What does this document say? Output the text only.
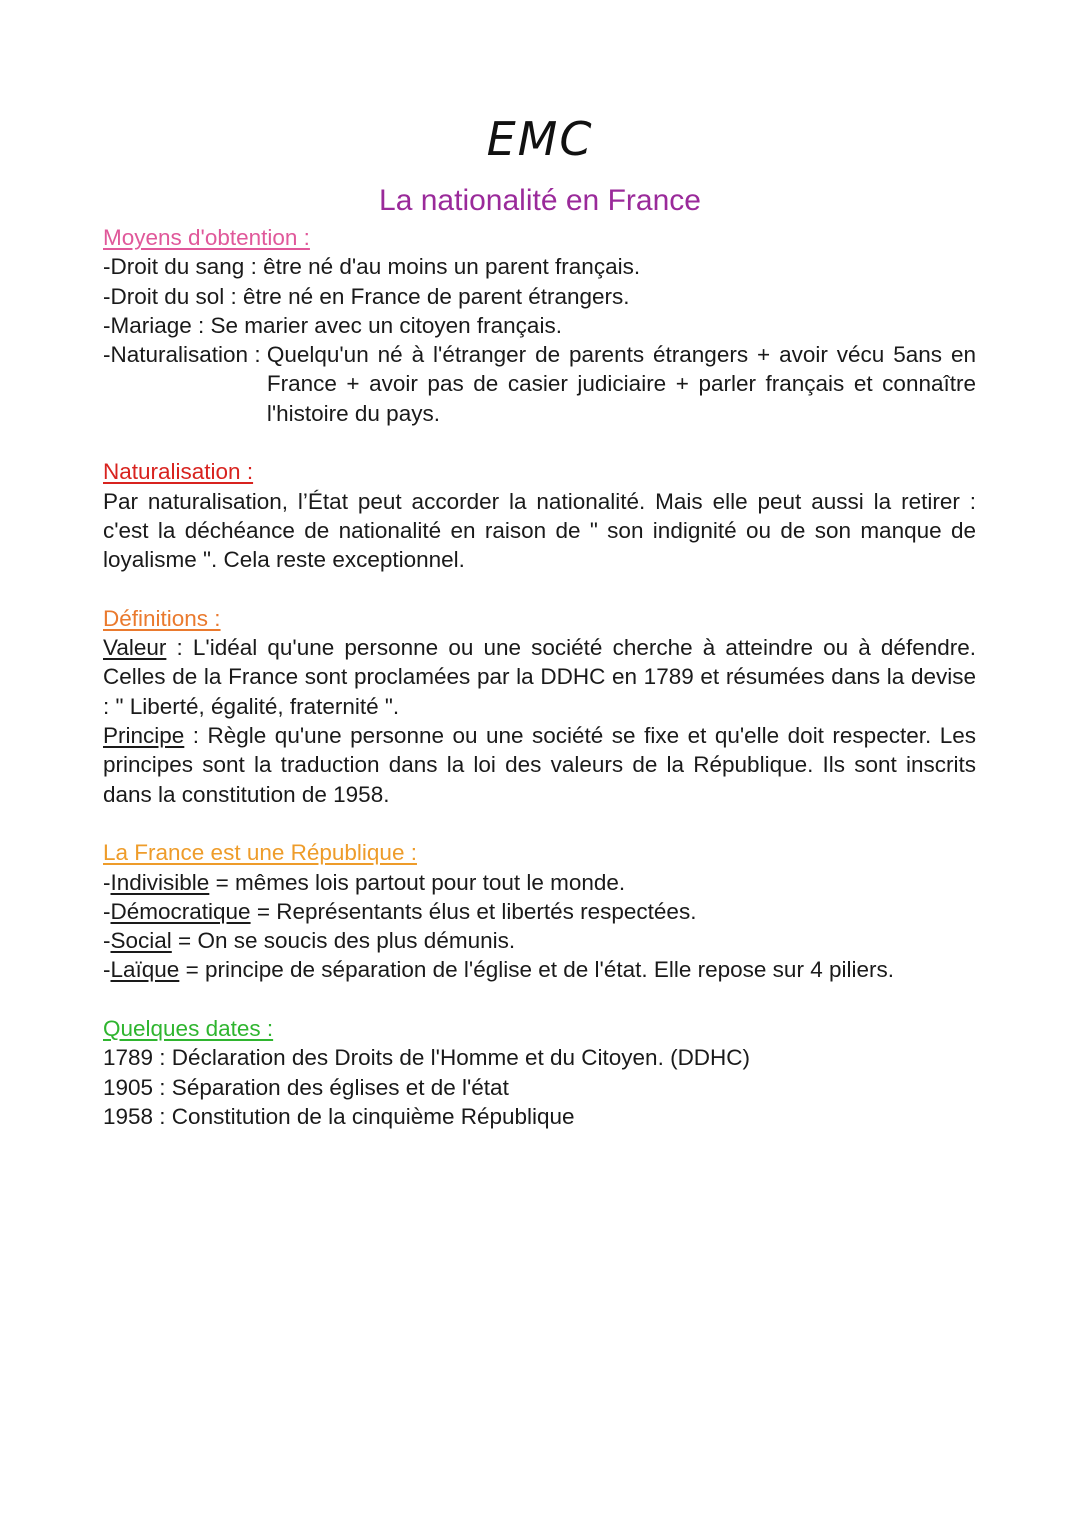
EMC
La nationalité en France
Moyens d'obtention :
-Droit du sang : être né d'au moins un parent français.
-Droit du sol : être né en France de parent étrangers.
-Mariage : Se marier avec un citoyen français.
-Naturalisation : Quelqu'un né à l'étranger de parents étrangers + avoir vécu 5ans en France + avoir pas de casier judiciaire + parler français et connaître l'histoire du pays.
Naturalisation :
Par naturalisation, l’État peut accorder la nationalité. Mais elle peut aussi la retirer : c'est la déchéance de nationalité en raison de " son indignité ou de son manque de loyalisme ". Cela reste exceptionnel.
Définitions :
Valeur : L'idéal qu'une personne ou une société cherche à atteindre ou à défendre. Celles de la France sont proclamées par la DDHC en 1789 et résumées dans la devise : " Liberté, égalité, fraternité ".
Principe : Règle qu'une personne ou une société se fixe et qu'elle doit respecter. Les principes sont la traduction dans la loi des valeurs de la République. Ils sont inscrits dans la constitution de 1958.
La France est une République :
-Indivisible = mêmes lois partout pour tout le monde.
-Démocratique = Représentants élus et libertés respectées.
-Social = On se soucis des plus démunis.
-Laïque = principe de séparation de l'église et de l'état. Elle repose sur 4 piliers.
Quelques dates :
1789 : Déclaration des Droits de l'Homme et du Citoyen. (DDHC)
1905 : Séparation des églises et de l'état
1958 : Constitution de la cinquième République
